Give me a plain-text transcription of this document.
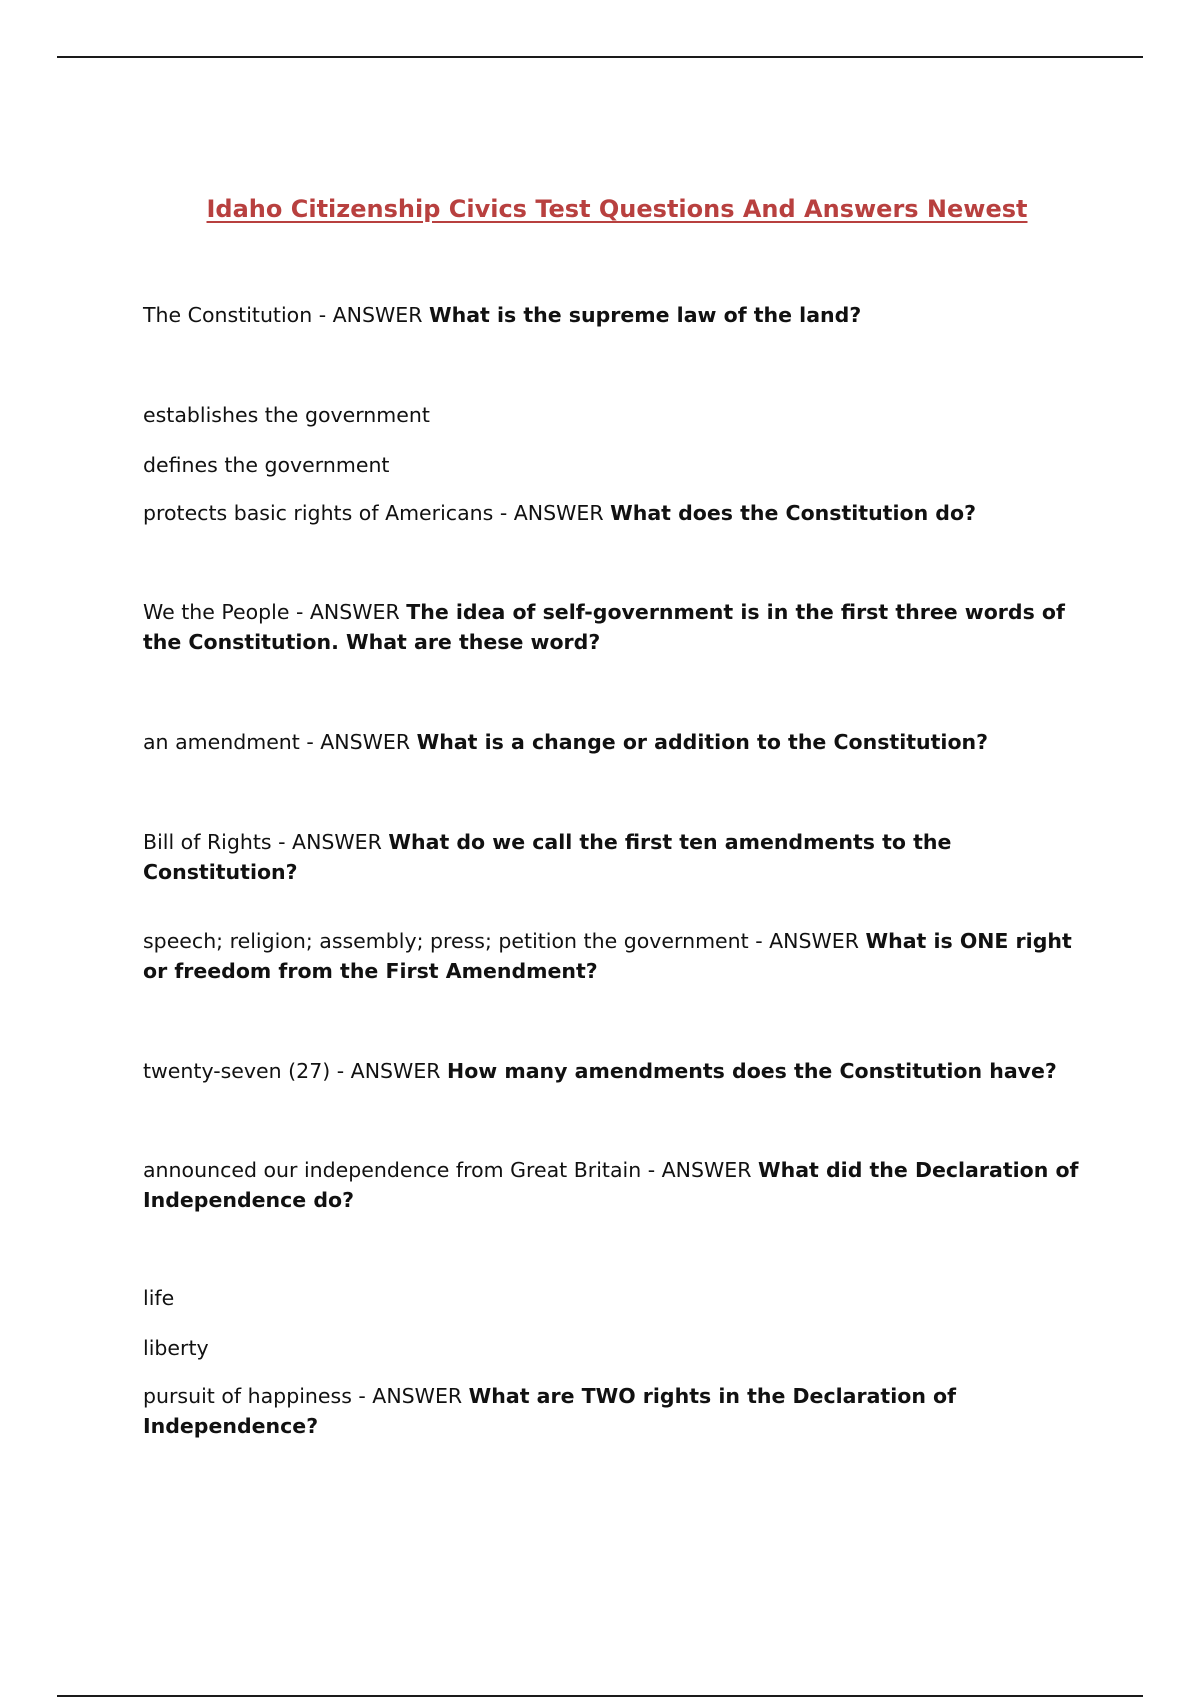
Idaho Citizenship Civics Test Questions And Answers Newest

The Constitution - ANSWER What is the supreme law of the land?

establishes the government

defines the government

protects basic rights of Americans - ANSWER What does the Constitution do?

We the People - ANSWER The idea of self-government is in the first three words of the Constitution. What are these word?

an amendment - ANSWER What is a change or addition to the Constitution?

Bill of Rights - ANSWER What do we call the first ten amendments to the Constitution?

speech; religion; assembly; press; petition the government - ANSWER What is ONE right or freedom from the First Amendment?

twenty-seven (27) - ANSWER How many amendments does the Constitution have?

announced our independence from Great Britain - ANSWER What did the Declaration of Independence do?

life

liberty

pursuit of happiness - ANSWER What are TWO rights in the Declaration of Independence?
